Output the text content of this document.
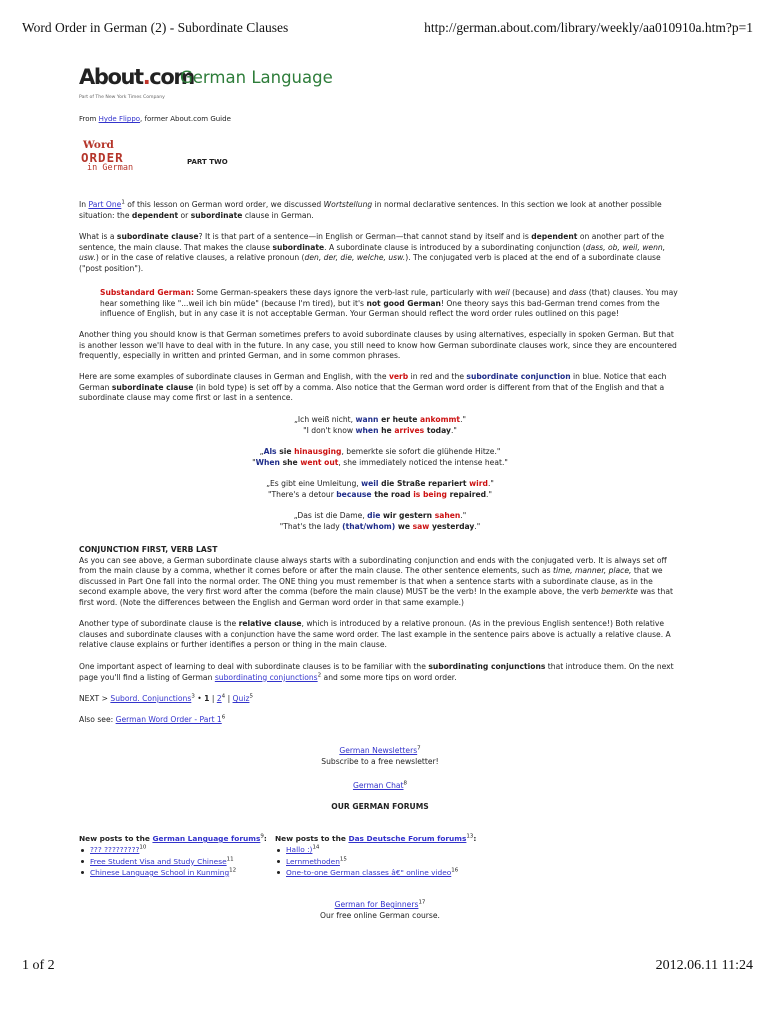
Word Order in German (2) - Subordinate Clauses	http://german.about.com/library/weekly/aa010910a.htm?p=1
About.com
German Language
Part of The New York Times Company
From Hyde Flippo, former About.com Guide
Word
ORDER
in German
PART TWO

In Part One$^1$ of this lesson on German word order, we discussed Wortstellung in normal declarative sentences. In this section we look at another possible situation: the dependent or subordinate clause in German.

What is a subordinate clause? It is that part of a sentence—in English or German—that cannot stand by itself and is dependent on another part of the sentence, the main clause. That makes the clause subordinate. A subordinate clause is introduced by a subordinating conjunction (dass, ob, weil, wenn, usw.) or in the case of relative clauses, a relative pronoun (den, der, die, welche, usw.). The conjugated verb is placed at the end of a subordinate clause ("post position").

Substandard German: Some German-speakers these days ignore the verb-last rule, particularly with weil (because) and dass (that) clauses. You may hear something like "...weil ich bin müde" (because I'm tired), but it's not good German! One theory says this bad-German trend comes from the influence of English, but in any case it is not acceptable German. Your German should reflect the word order rules outlined on this page!

Another thing you should know is that German sometimes prefers to avoid subordinate clauses by using alternatives, especially in spoken German. But that is another lesson we'll have to deal with in the future. In any case, you still need to know how German subordinate clauses work, since they are encountered frequently, especially in written and printed German, and in some common phrases.

Here are some examples of subordinate clauses in German and English, with the verb in red and the subordinate conjunction in blue. Notice that each German subordinate clause (in bold type) is set off by a comma. Also notice that the German word order is different from that of the English and that a subordinate clause may come first or last in a sentence.

„Ich weiß nicht, wann er heute ankommt."
"I don't know when he arrives today."
„Als sie hinausging, bemerkte sie sofort die glühende Hitze."
"When she went out, she immediately noticed the intense heat."
„Es gibt eine Umleitung, weil die Straße repariert wird."
"There's a detour because the road is being repaired."
„Das ist die Dame, die wir gestern sahen."
"That's the lady (that/whom) we saw yesterday."

CONJUNCTION FIRST, VERB LAST
As you can see above, a German subordinate clause always starts with a subordinating conjunction and ends with the conjugated verb. It is always set off from the main clause by a comma, whether it comes before or after the main clause. The other sentence elements, such as time, manner, place, that we discussed in Part One fall into the normal order. The ONE thing you must remember is that when a sentence starts with a subordinate clause, as in the second example above, the very first word after the comma (before the main clause) MUST be the verb! In the example above, the verb bemerkte was that first word. (Note the differences between the English and German word order in that same example.)

Another type of subordinate clause is the relative clause, which is introduced by a relative pronoun. (As in the previous English sentence!) Both relative clauses and subordinate clauses with a conjunction have the same word order. The last example in the sentence pairs above is actually a relative clause. A relative clause explains or further identifies a person or thing in the main clause.

One important aspect of learning to deal with subordinate clauses is to be familiar with the subordinating conjunctions that introduce them. On the next page you'll find a listing of German subordinating conjunctions$^2$ and some more tips on word order.

NEXT > Subord. Conjunctions$^3$ • 1 | $2^4$ | Quiz$^5$

Also see: German Word Order - Part $1^6$

German Newsletters$^7$
Subscribe to a free newsletter!
German Chat$^8$
OUR GERMAN FORUMS
New posts to the German Language forums$^9$:
??? ?????????$^{10}$
Free Student Visa and Study Chinese$^{11}$
Chinese Language School in Kunming$^{12}$
New posts to the Das Deutsche Forum forums$^{13}$:
Hallo :)$^{14}$
Lernmethoden$^{15}$
One-to-one German classes â€" online video$^{16}$
German for Beginners$^{17}$
Our free online German course.
1 of 2	2012.06.11 11:24
